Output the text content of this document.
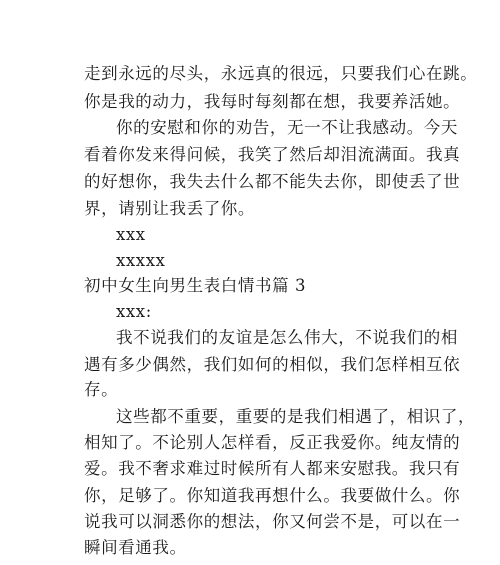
走到永远的尽头，永远真的很远，只要我们心在跳。
你是我的动力，我每时每刻都在想，我要养活她。
你的安慰和你的劝告，无一不让我感动。今天
看着你发来得问候，我笑了然后却泪流满面。我真
的好想你，我失去什么都不能失去你，即使丢了世
界，请别让我丢了你。
xxx
xxxxx
初中女生向男生表白情书篇 3
xxx:
我不说我们的友谊是怎么伟大，不说我们的相
遇有多少偶然，我们如何的相似，我们怎样相互依
存。
这些都不重要，重要的是我们相遇了，相识了，
相知了。不论别人怎样看，反正我爱你。纯友情的
爱。我不奢求难过时候所有人都来安慰我。我只有
你，足够了。你知道我再想什么。我要做什么。你
说我可以洞悉你的想法，你又何尝不是，可以在一
瞬间看通我。
